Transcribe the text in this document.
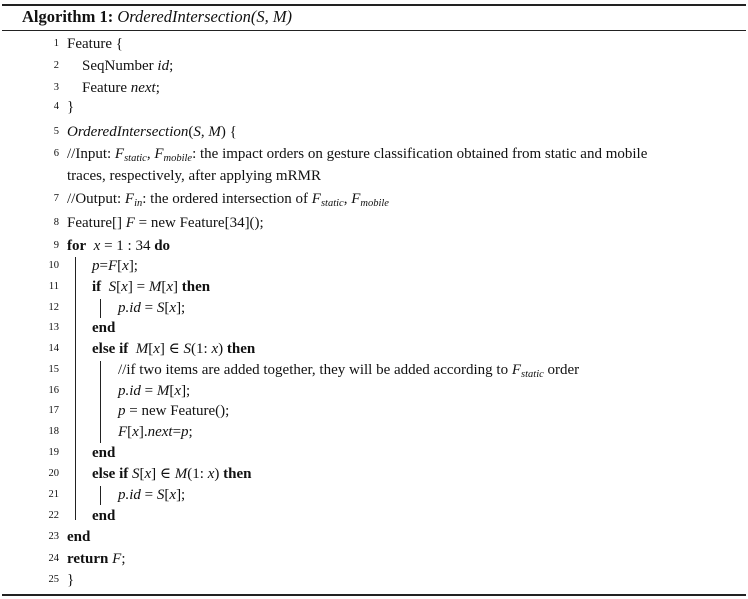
Algorithm 1: OrderedIntersection(S, M)
1 Feature {
2 SeqNumber id;
3 Feature next;
4 }
5 OrderedIntersection(S, M) {
6 //Input: $F_{static}$, $F_{mobile}$: the impact orders on gesture classification obtained from static and mobile
traces, respectively, after applying mRMR
7 //Output: $F_{in}$: the ordered intersection of $F_{static}$, $F_{mobile}$
8 Feature[] F = new Feature[34]();
9 for x = 1 : 34 do
10 p=F[x];
11 if S[x] = M[x] then
12	p.id = S[x];
13 end
14 else if M[x] ∈ S(1: x) then
15	//if two items are added together, they will be added according to $F_{static}$ order
16	p.id = M[x];
17	p = new Feature();
18	F[x].next=p;
19 end
20 else if S[x] ∈ M(1: x) then
21	p.id = S[x];
22 end
23 end
24 return F;
25 }
